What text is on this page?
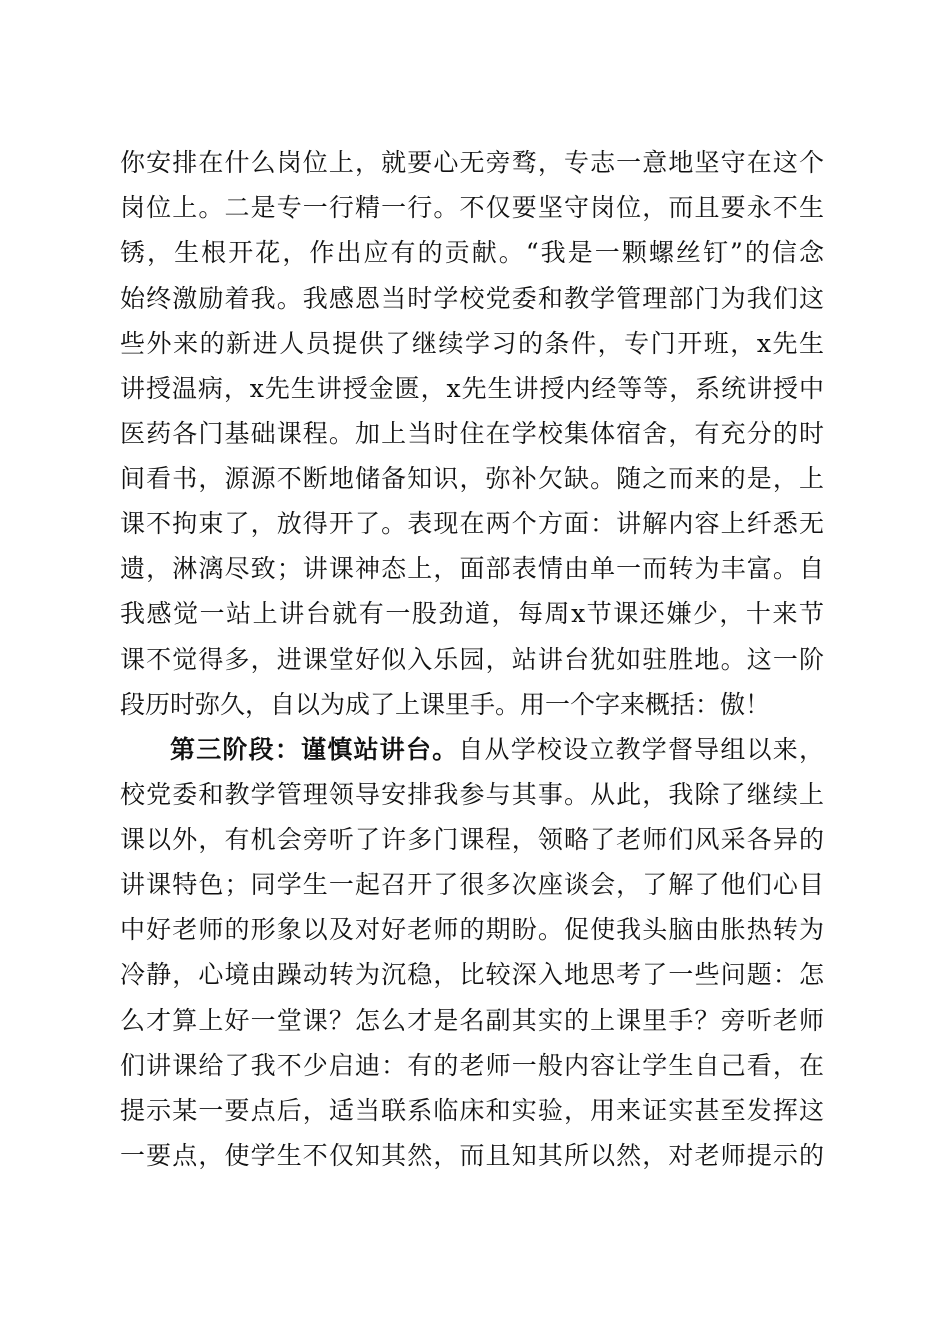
你安排在什么岗位上，就要心无旁骛，专志一意地坚守在这个
岗位上。二是专一行精一行。不仅要坚守岗位，而且要永不生
锈，生根开花，作出应有的贡献。“我是一颗螺丝钉”的信念
始终激励着我。我感恩当时学校党委和教学管理部门为我们这
些外来的新进人员提供了继续学习的条件，专门开班，x先生
讲授温病，x先生讲授金匮，x先生讲授内经等等，系统讲授中
医药各门基础课程。加上当时住在学校集体宿舍，有充分的时
间看书，源源不断地储备知识，弥补欠缺。随之而来的是，上
课不拘束了，放得开了。表现在两个方面：讲解内容上纤悉无
遗，淋漓尽致；讲课神态上，面部表情由单一而转为丰富。自
我感觉一站上讲台就有一股劲道，每周x节课还嫌少，十来节
课不觉得多，进课堂好似入乐园，站讲台犹如驻胜地。这一阶
段历时弥久，自以为成了上课里手。用一个字来概括：傲！
第三阶段：谨慎站讲台。自从学校设立教学督导组以来，
校党委和教学管理领导安排我参与其事。从此，我除了继续上
课以外，有机会旁听了许多门课程，领略了老师们风采各异的
讲课特色；同学生一起召开了很多次座谈会，了解了他们心目
中好老师的形象以及对好老师的期盼。促使我头脑由胀热转为
冷静，心境由躁动转为沉稳，比较深入地思考了一些问题：怎
么才算上好一堂课？怎么才是名副其实的上课里手？旁听老师
们讲课给了我不少启迪：有的老师一般内容让学生自己看，在
提示某一要点后，适当联系临床和实验，用来证实甚至发挥这
一要点，使学生不仅知其然，而且知其所以然，对老师提示的
